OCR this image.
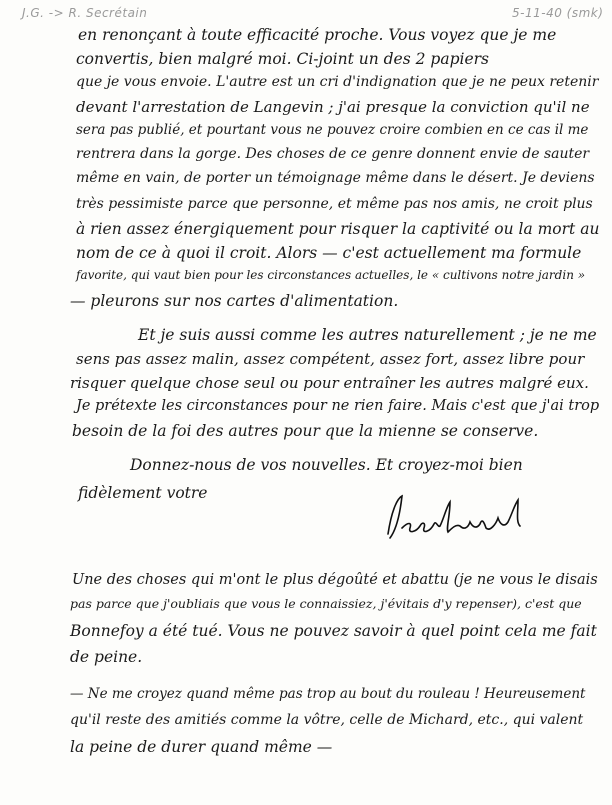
J.G. -> R. Secrétain	5-11-40 (smk)
en renonçant à toute efficacité proche. Vous voyez que je me
convertis, bien malgré moi. Ci-joint un des 2 papiers
que je vous envoie. L'autre est un cri d'indignation que je ne peux retenir
devant l'arrestation de Langevin ; j'ai presque la conviction qu'il ne
sera pas publié, et pourtant vous ne pouvez croire combien en ce cas il me
rentrera dans la gorge. Des choses de ce genre donnent envie de sauter
même en vain, de porter un témoignage même dans le désert. Je deviens
très pessimiste parce que personne, et même pas nos amis, ne croit plus
à rien assez énergiquement pour risquer la captivité ou la mort au
nom de ce à quoi il croit. Alors — c'est actuellement ma formule
favorite, qui vaut bien pour les circonstances actuelles, le « cultivons notre jardin »
— pleurons sur nos cartes d'alimentation.
Et je suis aussi comme les autres naturellement ; je ne me
sens pas assez malin, assez compétent, assez fort, assez libre pour
risquer quelque chose seul ou pour entraîner les autres malgré eux.
Je prétexte les circonstances pour ne rien faire. Mais c'est que j'ai trop
besoin de la foi des autres pour que la mienne se conserve.
Donnez-nous de vos nouvelles. Et croyez-moi bien
fidèlement votre
Une des choses qui m'ont le plus dégoûté et abattu (je ne vous le disais
pas parce que j'oubliais que vous le connaissiez, j'évitais d'y repenser), c'est que
Bonnefoy a été tué. Vous ne pouvez savoir à quel point cela me fait
de peine.
— Ne me croyez quand même pas trop au bout du rouleau ! Heureusement
qu'il reste des amitiés comme la vôtre, celle de Michard, etc., qui valent
la peine de durer quand même —
